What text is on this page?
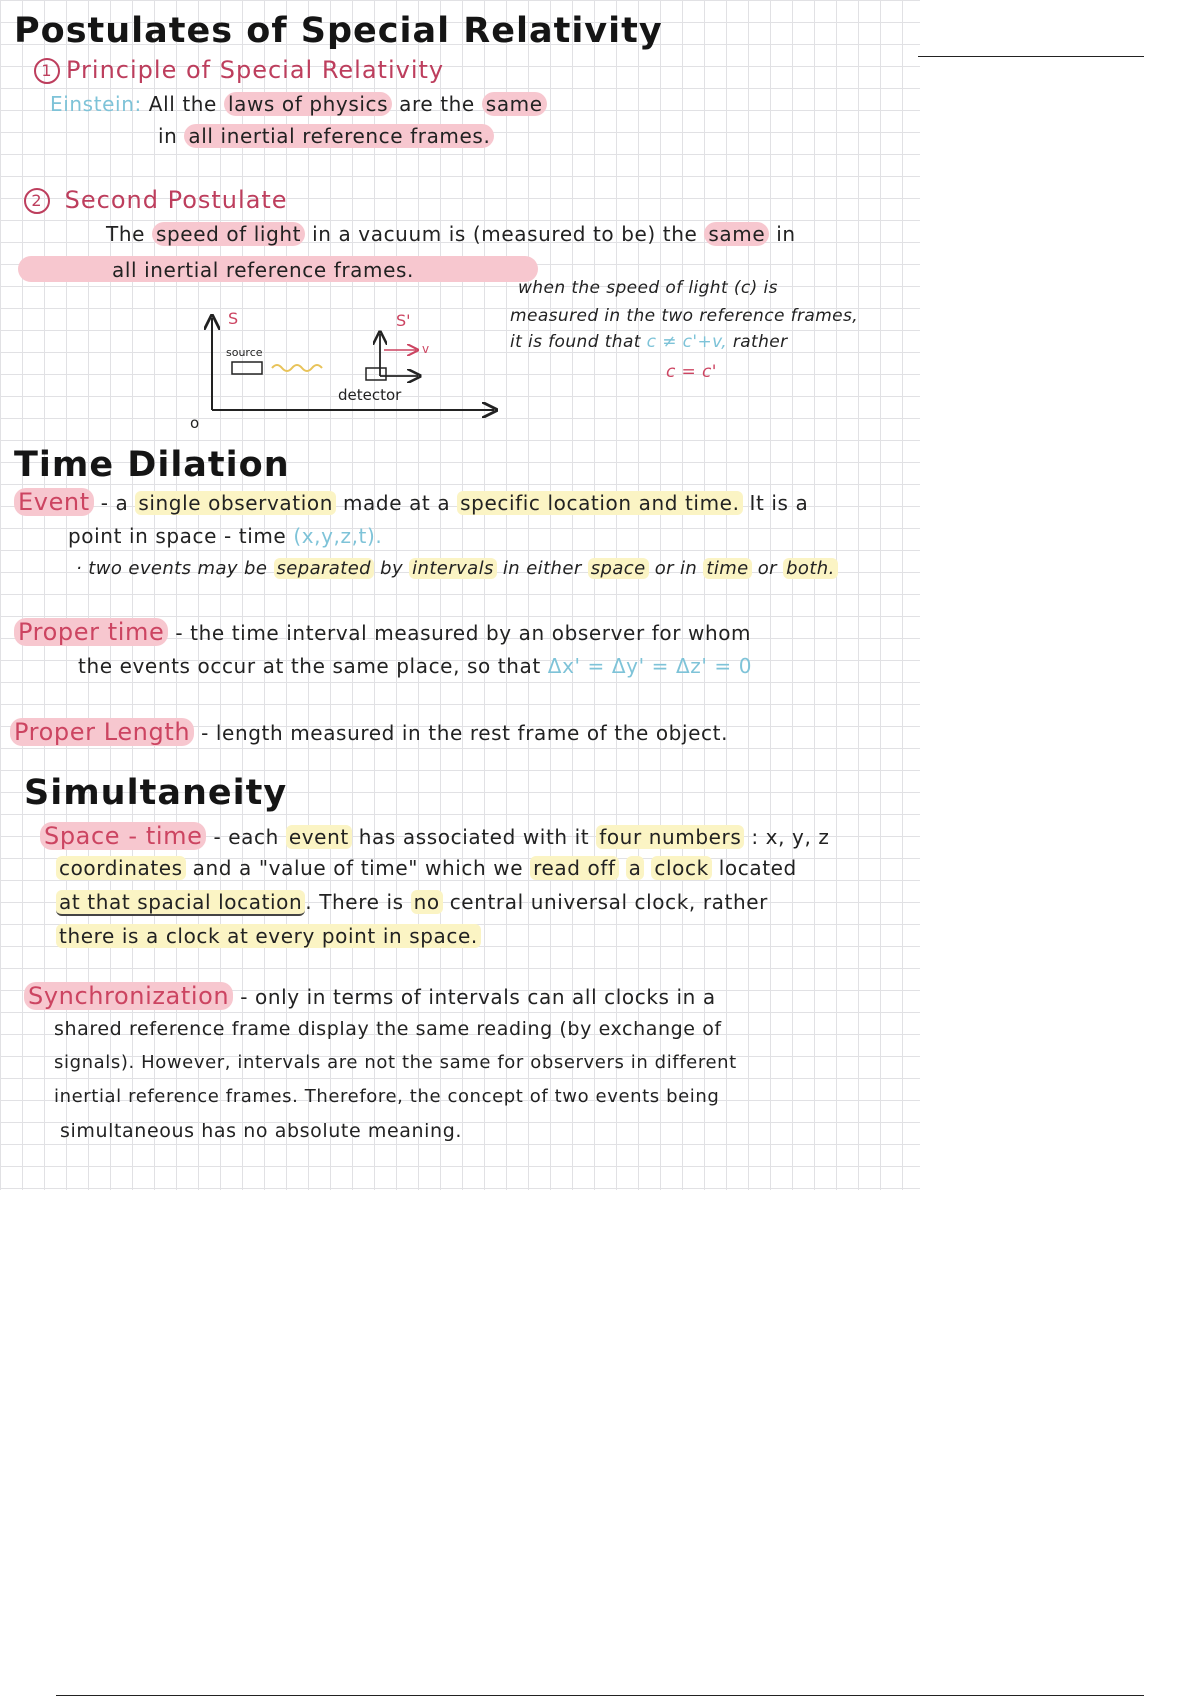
Postulates of Special Relativity
1 Principle of Special Relativity
Einstein: All the laws of physics are the same
in all inertial reference frames.
2 Second Postulate
The speed of light in a vacuum is (measured to be) the same in
all inertial reference frames.
when the speed of light (c) is
measured in the two reference frames,
it is found that c ≠ c'+v, rather
c = c'
S
o
source
S'
v
detector
Time Dilation
Event - a single observation made at a specific location and time. It is a
point in space - time (x,y,z,t).
· two events may be separated by intervals in either space or in time or both.
Proper time - the time interval measured by an observer for whom
the events occur at the same place, so that Δx' = Δy' = Δz' = 0
Proper Length - length measured in the rest frame of the object.
Simultaneity
Space - time - each event has associated with it four numbers : x, y, z
coordinates and a "value of time" which we read off a clock located
at that spacial location . There is no central universal clock, rather
there is a clock at every point in space.
Synchronization - only in terms of intervals can all clocks in a
shared reference frame display the same reading (by exchange of
signals). However, intervals are not the same for observers in different
inertial reference frames. Therefore, the concept of two events being
simultaneous has no absolute meaning.
